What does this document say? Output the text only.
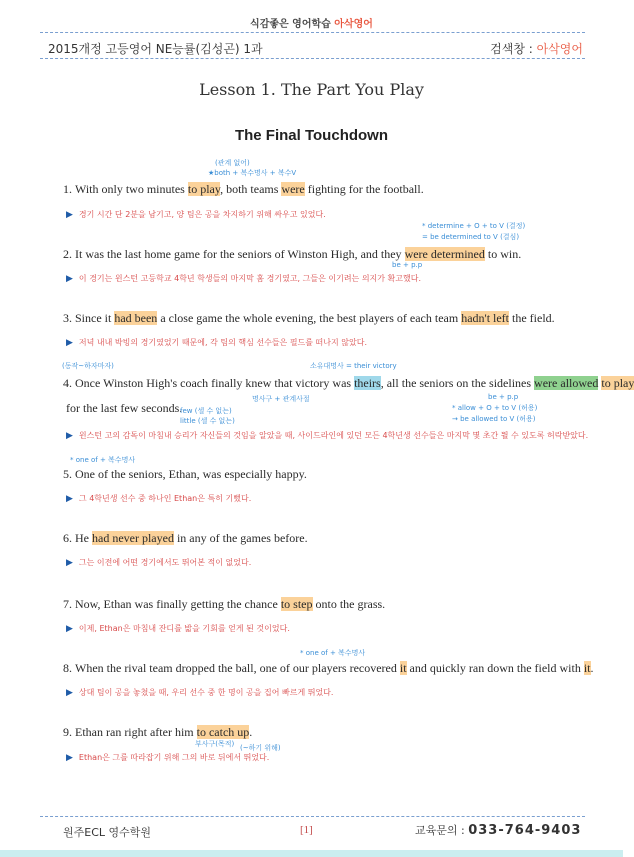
식감좋은 영어학습 아삭영어
2015개정 고등영어 NE능률(김성곤) 1과	검색창 : 아삭영어
Lesson 1. The Part You Play
The Final Touchdown
(관계 없어)
★both + 복수명사 + 복수V
1. With only two minutes to play, both teams were fighting for the football.
▶ 경기 시간 단 2분을 남기고, 양 팀은 공을 차지하기 위해 싸우고 있었다.
* determine + O + to V (결정)
= be determined to V (결심)
2. It was the last home game for the seniors of Winston High, and they were determined to win.
be + p.p
▶ 이 경기는 윈스턴 고등학교 4학년 학생들의 마지막 홈 경기였고, 그들은 이기려는 의지가 확고했다.
3. Since it had been a close game the whole evening, the best players of each team hadn't left the field.
▶ 저녁 내내 박빙의 경기였었기 때문에, 각 팀의 핵심 선수들은 필드를 떠나지 않았다.
(동작~하자마자)	소유대명사 = their victory
4. Once Winston High's coach finally knew that victory was theirs, all the seniors on the sidelines were allowed to play
명사구 + 관계사절	be + p.p
for the last few seconds.
few (셀 수 없는)
little (셀 수 없는)
* allow + O + to V (허용)
→ be allowed to V (허용)
▶ 윈스턴 고의 감독이 마침내 승리가 자신들의 것임을 알았을 때, 사이드라인에 있던 모든 4학년생 선수들은 마지막 몇 초간 뛸 수 있도록 허락받았다.
* one of + 복수명사
5. One of the seniors, Ethan, was especially happy.
▶ 그 4학년생 선수 중 하나인 Ethan은 특히 기뻤다.
6. He had never played in any of the games before.
▶ 그는 이전에 어떤 경기에서도 뛰어본 적이 없었다.
7. Now, Ethan was finally getting the chance to step onto the grass.
▶ 이제, Ethan은 마침내 잔디를 밟을 기회를 얻게 된 것이었다.
* one of + 복수명사
8. When the rival team dropped the ball, one of our players recovered it and quickly ran down the field with it.
▶ 상대 팀이 공을 놓쳤을 때, 우리 선수 중 한 명이 공을 집어 빠르게 뛰었다.
9. Ethan ran right after him to catch up.
부사구(목적) (~하기 위해)
▶ Ethan은 그를 따라잡기 위해 그의 바로 뒤에서 뛰었다.
원주ECL 영수학원	[1]	교육문의 : 033-764-9403
